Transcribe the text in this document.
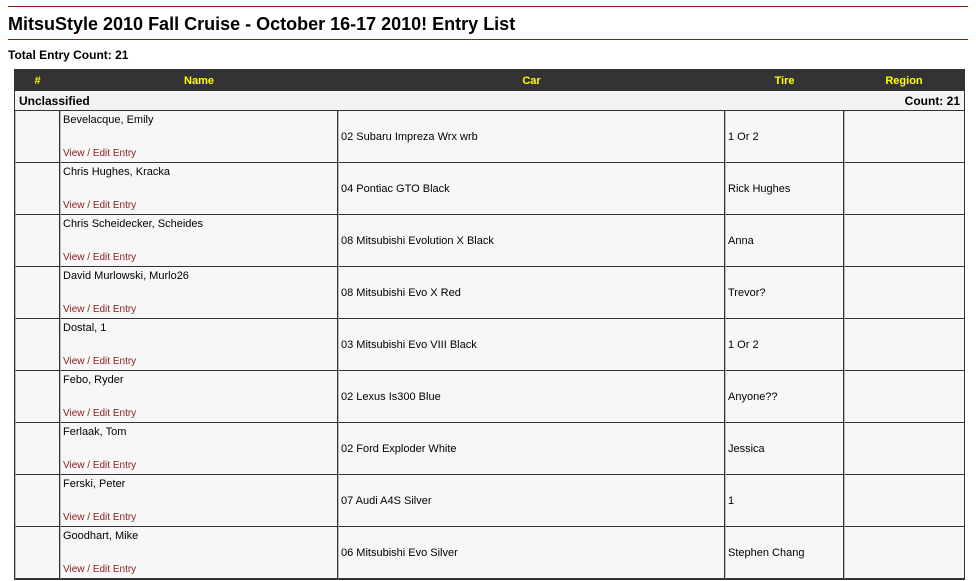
MitsuStyle 2010 Fall Cruise - October 16-17 2010! Entry List
Total Entry Count: 21
#	Name	Car	Tire	Region
Unclassified Count: 21				

	Bevelacque, Emily
View / Edit Entry	02 Subaru Impreza Wrx wrb	1 Or 2	

	Chris Hughes, Kracka
View / Edit Entry	04 Pontiac GTO Black	Rick Hughes	

	Chris Scheidecker, Scheides
View / Edit Entry	08 Mitsubishi Evolution X Black	Anna	

	David Murlowski, Murlo26
View / Edit Entry	08 Mitsubishi Evo X Red	Trevor?	

	Dostal, 1
View / Edit Entry	03 Mitsubishi Evo VIII Black	1 Or 2	

	Febo, Ryder
View / Edit Entry	02 Lexus Is300 Blue	Anyone??	

	Ferlaak, Tom
View / Edit Entry	02 Ford Exploder White	Jessica	

	Ferski, Peter
View / Edit Entry	07 Audi A4S Silver	1	

	Goodhart, Mike
View / Edit Entry	06 Mitsubishi Evo Silver	Stephen Chang	
